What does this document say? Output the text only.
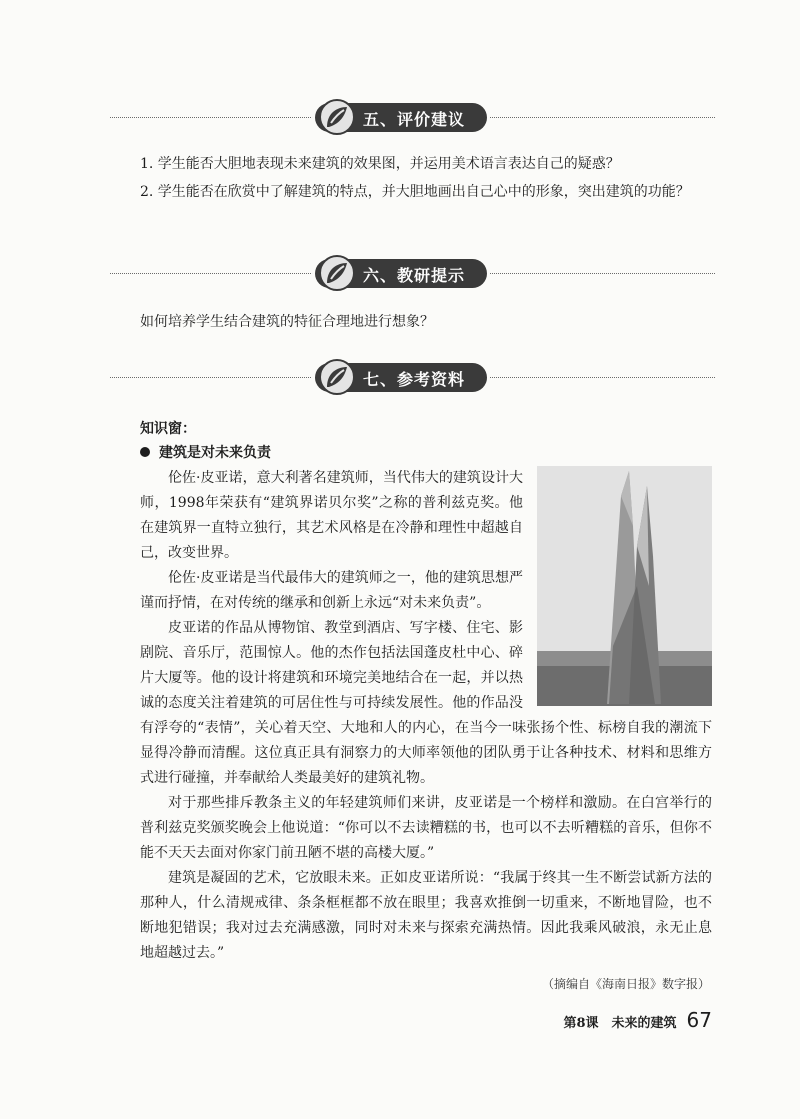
五、评价建议

1. 学生能否大胆地表现未来建筑的效果图，并运用美术语言表达自己的疑惑？

2. 学生能否在欣赏中了解建筑的特点，并大胆地画出自己心中的形象，突出建筑的功能？

六、教研提示

如何培养学生结合建筑的特征合理地进行想象？

七、参考资料

知识窗：

建筑是对未来负责

伦佐·皮亚诺，意大利著名建筑师，当代伟大的建筑设计大师，1998年荣获有“建筑界诺贝尔奖”之称的普利兹克奖。他在建筑界一直特立独行，其艺术风格是在冷静和理性中超越自己，改变世界。

伦佐·皮亚诺是当代最伟大的建筑师之一，他的建筑思想严谨而抒情，在对传统的继承和创新上永远“对未来负责”。

皮亚诺的作品从博物馆、教堂到酒店、写字楼、住宅、影剧院、音乐厅，范围惊人。他的杰作包括法国蓬皮杜中心、碎片大厦等。他的设计将建筑和环境完美地结合在一起，并以热诚的态度关注着建筑的可居住性与可持续发展性。他的作品没有浮夸的“表情”，关心着天空、大地和人的内心，在当今一味张扬个性、标榜自我的潮流下显得冷静而清醒。这位真正具有洞察力的大师率领他的团队勇于让各种技术、材料和思维方式进行碰撞，并奉献给人类最美好的建筑礼物。

对于那些排斥教条主义的年轻建筑师们来讲，皮亚诺是一个榜样和激励。在白宫举行的普利兹克奖颁奖晚会上他说道：“你可以不去读糟糕的书，也可以不去听糟糕的音乐，但你不能不天天去面对你家门前丑陋不堪的高楼大厦。”

建筑是凝固的艺术，它放眼未来。正如皮亚诺所说：“我属于终其一生不断尝试新方法的那种人，什么清规戒律、条条框框都不放在眼里；我喜欢推倒一切重来，不断地冒险，也不断地犯错误；我对过去充满感激，同时对未来与探索充满热情。因此我乘风破浪，永无止息地超越过去。”

（摘编自《海南日报》数字报）

第8课　未来的建筑 67
